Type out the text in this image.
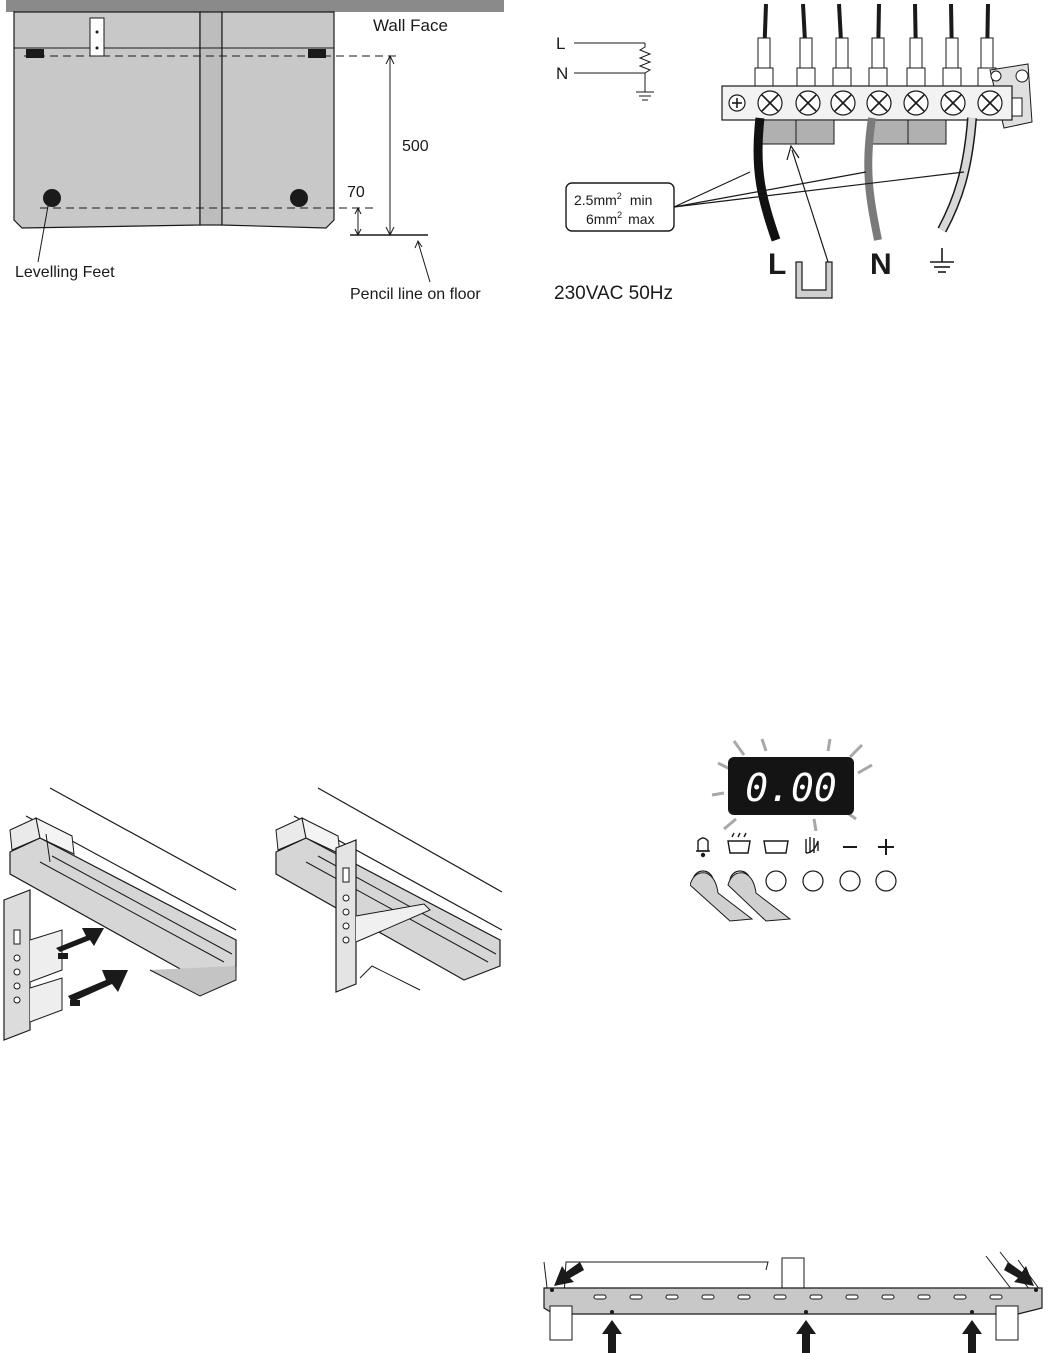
Wall Face
500
70
Levelling Feet
Pencil line on floor
L
N
$2.5mm^2$ min
$6mm^2$ max
L	N
230VAC 50Hz
0.00
